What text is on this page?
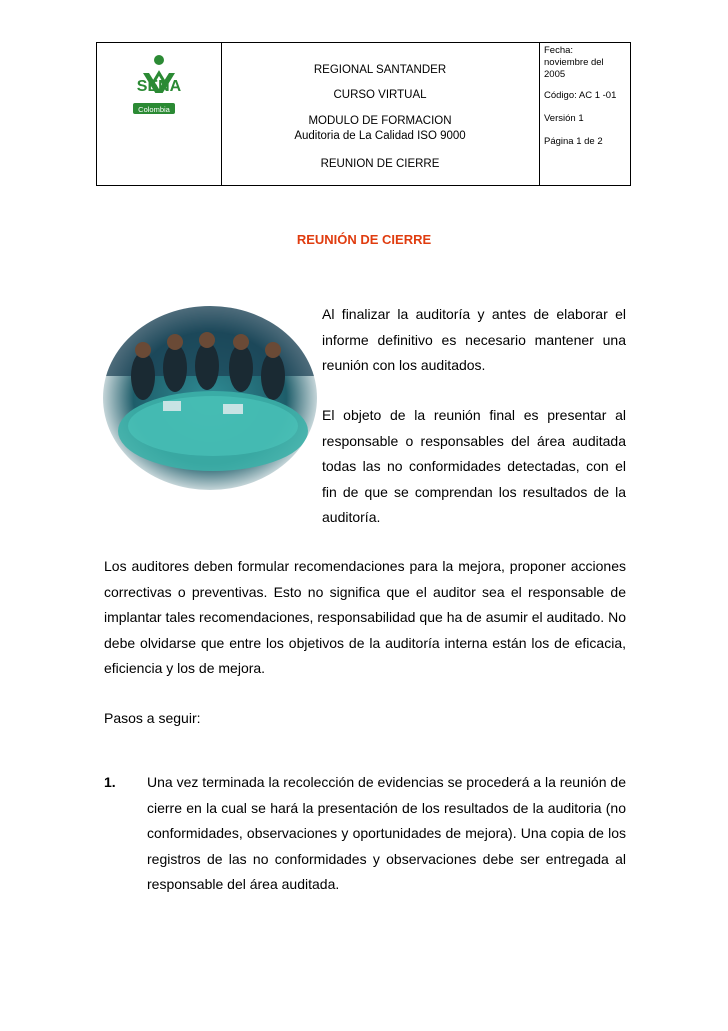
SENA
Colombia
REGIONAL SANTANDER
CURSO VIRTUAL
MODULO DE FORMACION
Auditoria de La Calidad ISO 9000
REUNION DE CIERRE
Fecha:
noviembre del
2005
Código: AC 1 -01
Versión 1
Página 1 de 2
REUNIÓN DE CIERRE
Al finalizar la auditoría y antes de elaborar el informe definitivo es necesario mantener una reunión con los auditados.
El objeto de la reunión final es presentar al responsable o responsables del área auditada todas las no conformidades detectadas, con el fin de que se comprendan los resultados de la auditoría.
Los auditores deben formular recomendaciones para la mejora, proponer acciones correctivas o preventivas. Esto no significa que el auditor sea el responsable de implantar tales recomendaciones, responsabilidad que ha de asumir el auditado. No debe olvidarse que entre los objetivos de la auditoría interna están los de eficacia, eficiencia y los de mejora.
Pasos a seguir:
1. Una vez terminada la recolección de evidencias se procederá a la reunión de cierre en la cual se hará la presentación de los resultados de la auditoria (no conformidades, observaciones y oportunidades de mejora). Una copia de los registros de las no conformidades y observaciones debe ser entregada al responsable del área auditada.
